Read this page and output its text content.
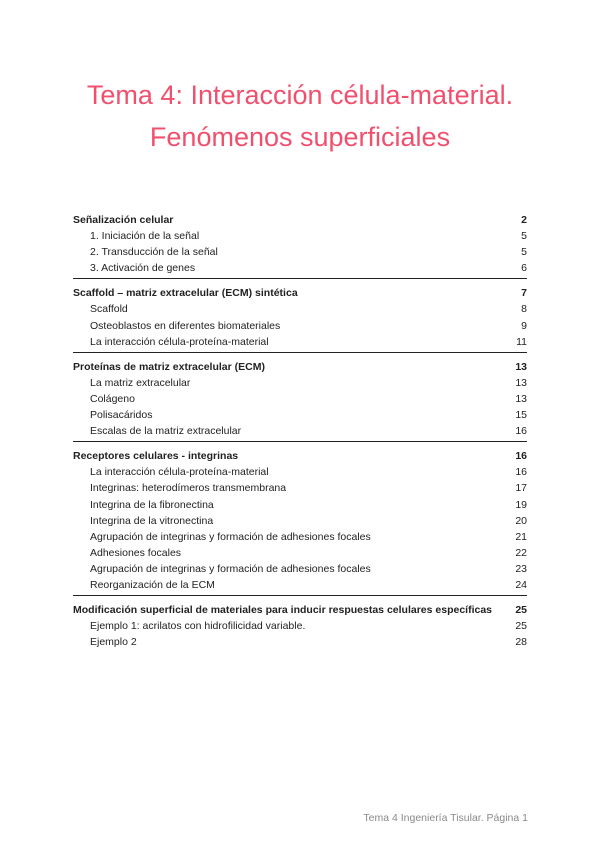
Tema 4: Interacción célula-material. Fenómenos superficiales
Señalización celular	2
1. Iniciación de la señal	5
2. Transducción de la señal	5
3. Activación de genes	6
Scaffold – matriz extracelular (ECM) sintética	7
Scaffold	8
Osteoblastos en diferentes biomateriales	9
La interacción célula-proteína-material	11
Proteínas de matriz extracelular (ECM)	13
La matriz extracelular	13
Colágeno	13
Polisacáridos	15
Escalas de la matriz extracelular	16
Receptores celulares - integrinas	16
La interacción célula-proteína-material	16
Integrinas: heterodímeros transmembrana	17
Integrina de la fibronectina	19
Integrina de la vitronectina	20
Agrupación de integrinas y formación de adhesiones focales	21
Adhesiones focales	22
Agrupación de integrinas y formación de adhesiones focales	23
Reorganización de la ECM	24
Modificación superficial de materiales para inducir respuestas celulares específicas 25
Ejemplo 1: acrilatos con hidrofilicidad variable.	25
Ejemplo 2	28
Tema 4 Ingeniería Tisular. Página 1
